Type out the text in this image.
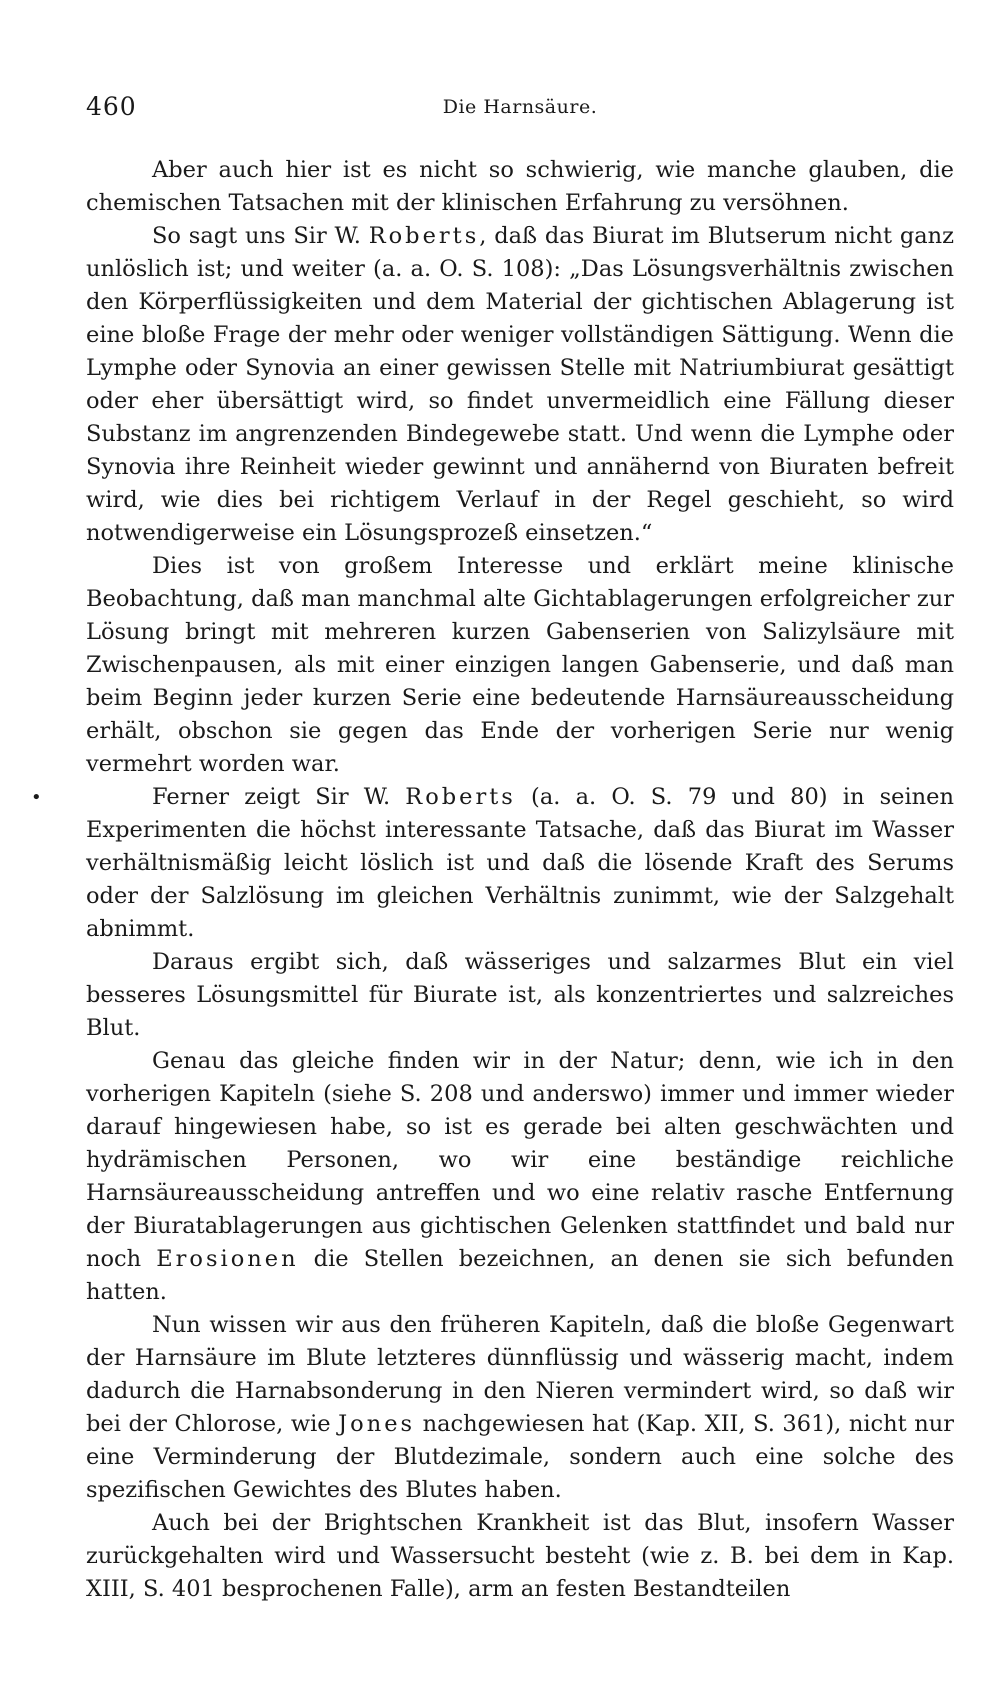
460	Die Harnsäure.

Aber auch hier ist es nicht so schwierig, wie manche glauben, die chemischen Tatsachen mit der klinischen Erfahrung zu versöhnen.

So sagt uns Sir W. Roberts, daß das Biurat im Blutserum nicht ganz unlöslich ist; und weiter (a. a. O. S. 108): „Das Lösungsverhältnis zwischen den Körperflüssigkeiten und dem Material der gichtischen Ablagerung ist eine bloße Frage der mehr oder weniger vollständigen Sättigung. Wenn die Lymphe oder Synovia an einer gewissen Stelle mit Natriumbiurat gesättigt oder eher übersättigt wird, so findet unvermeidlich eine Fällung dieser Substanz im angrenzenden Bindegewebe statt. Und wenn die Lymphe oder Synovia ihre Reinheit wieder gewinnt und annähernd von Biuraten befreit wird, wie dies bei richtigem Verlauf in der Regel geschieht, so wird notwendigerweise ein Lösungsprozeß einsetzen.“

Dies ist von großem Interesse und erklärt meine klinische Beobachtung, daß man manchmal alte Gichtablagerungen erfolgreicher zur Lösung bringt mit mehreren kurzen Gabenserien von Salizylsäure mit Zwischenpausen, als mit einer einzigen langen Gabenserie, und daß man beim Beginn jeder kurzen Serie eine bedeutende Harnsäureausscheidung erhält, obschon sie gegen das Ende der vorherigen Serie nur wenig vermehrt worden war.

•	Ferner zeigt Sir W. Roberts (a. a. O. S. 79 und 80) in seinen Experimenten die höchst interessante Tatsache, daß das Biurat im Wasser verhältnismäßig leicht löslich ist und daß die lösende Kraft des Serums oder der Salzlösung im gleichen Verhältnis zunimmt, wie der Salzgehalt abnimmt.

Daraus ergibt sich, daß wässeriges und salzarmes Blut ein viel besseres Lösungsmittel für Biurate ist, als konzentriertes und salzreiches Blut.

Genau das gleiche finden wir in der Natur; denn, wie ich in den vorherigen Kapiteln (siehe S. 208 und anderswo) immer und immer wieder darauf hingewiesen habe, so ist es gerade bei alten geschwächten und hydrämischen Personen, wo wir eine beständige reichliche Harnsäureausscheidung antreffen und wo eine relativ rasche Entfernung der Biuratablagerungen aus gichtischen Gelenken stattfindet und bald nur noch Erosionen die Stellen bezeichnen, an denen sie sich befunden hatten.

Nun wissen wir aus den früheren Kapiteln, daß die bloße Gegenwart der Harnsäure im Blute letzteres dünnflüssig und wässerig macht, indem dadurch die Harnabsonderung in den Nieren vermindert wird, so daß wir bei der Chlorose, wie Jones nachgewiesen hat (Kap. XII, S. 361), nicht nur eine Verminderung der Blutdezimale, sondern auch eine solche des spezifischen Gewichtes des Blutes haben.

Auch bei der Brightschen Krankheit ist das Blut, insofern Wasser zurückgehalten wird und Wassersucht besteht (wie z. B. bei dem in Kap. XIII, S. 401 besprochenen Falle), arm an festen Bestandteilen
